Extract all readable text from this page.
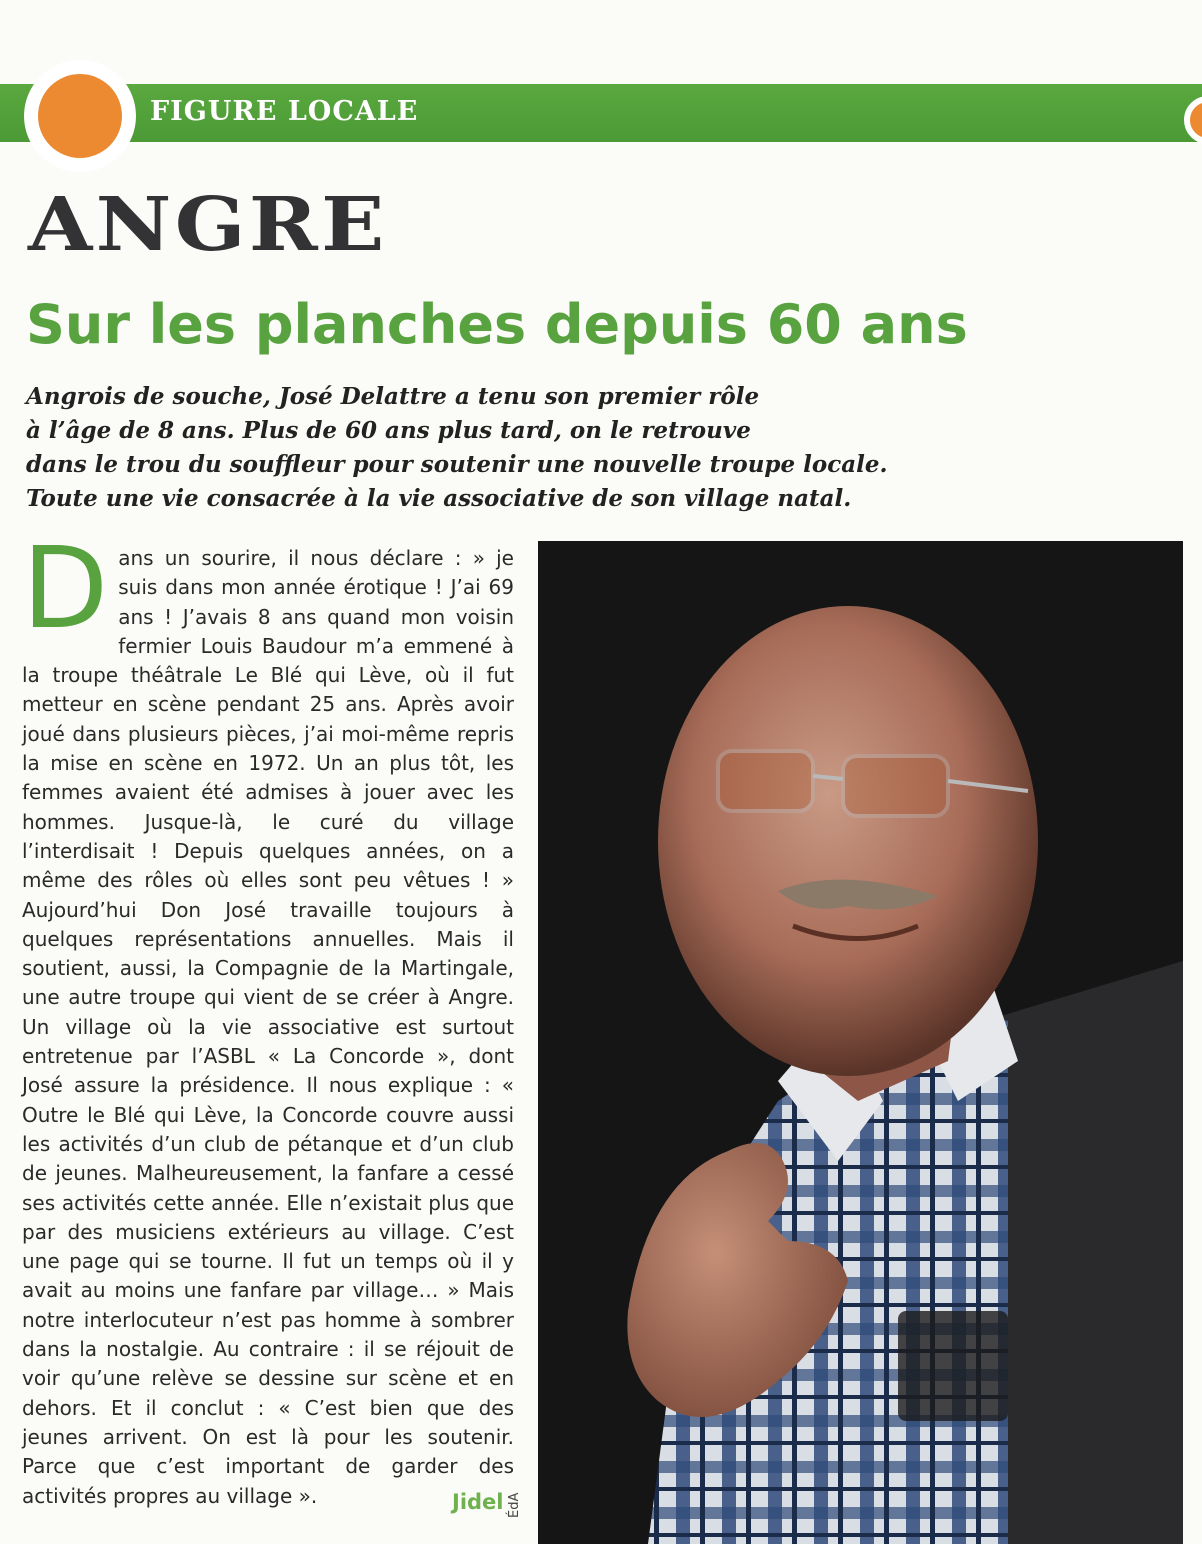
FIGURE LOCALE
ANGRE
Sur les planches depuis 60 ans
Angrois de souche, José Delattre a tenu son premier rôle
à l’âge de 8 ans. Plus de 60 ans plus tard, on le retrouve
dans le trou du souffleur pour soutenir une nouvelle troupe locale.
Toute une vie consacrée à la vie associative de son village natal.
Dans un sourire, il nous déclare : » je suis dans mon année érotique ! J’ai 69 ans ! J’avais 8 ans quand mon voisin fermier Louis Baudour m’a emmené à la troupe théâtrale Le Blé qui Lève, où il fut metteur en scène pendant 25 ans. Après avoir joué dans plusieurs pièces, j’ai moi-même repris la mise en scène en 1972. Un an plus tôt, les femmes avaient été admises à jouer avec les hommes. Jusque-là, le curé du village l’interdisait ! Depuis quelques années, on a même des rôles où elles sont peu vêtues ! » Aujourd’hui Don José travaille toujours à quelques représentations annuelles. Mais il soutient, aussi, la Compagnie de la Martingale, une autre troupe qui vient de se créer à Angre. Un village où la vie associative est surtout entretenue par l’ASBL « La Concorde », dont José assure la présidence. Il nous explique : « Outre le Blé qui Lève, la Concorde couvre aussi les activités d’un club de pétanque et d’un club de jeunes. Malheureusement, la fanfare a cessé ses activités cette année. Elle n’existait plus que par des musiciens extérieurs au village. C’est une page qui se tourne. Il fut un temps où il y avait au moins une fanfare par village… » Mais notre interlocuteur n’est pas homme à sombrer dans la nostalgie. Au contraire : il se réjouit de voir qu’une relève se dessine sur scène et en dehors. Et il conclut : « C’est bien que des jeunes arrivent. On est là pour les soutenir. Parce que c’est important de garder des activités propres au village ».	Jidel ÉdA
